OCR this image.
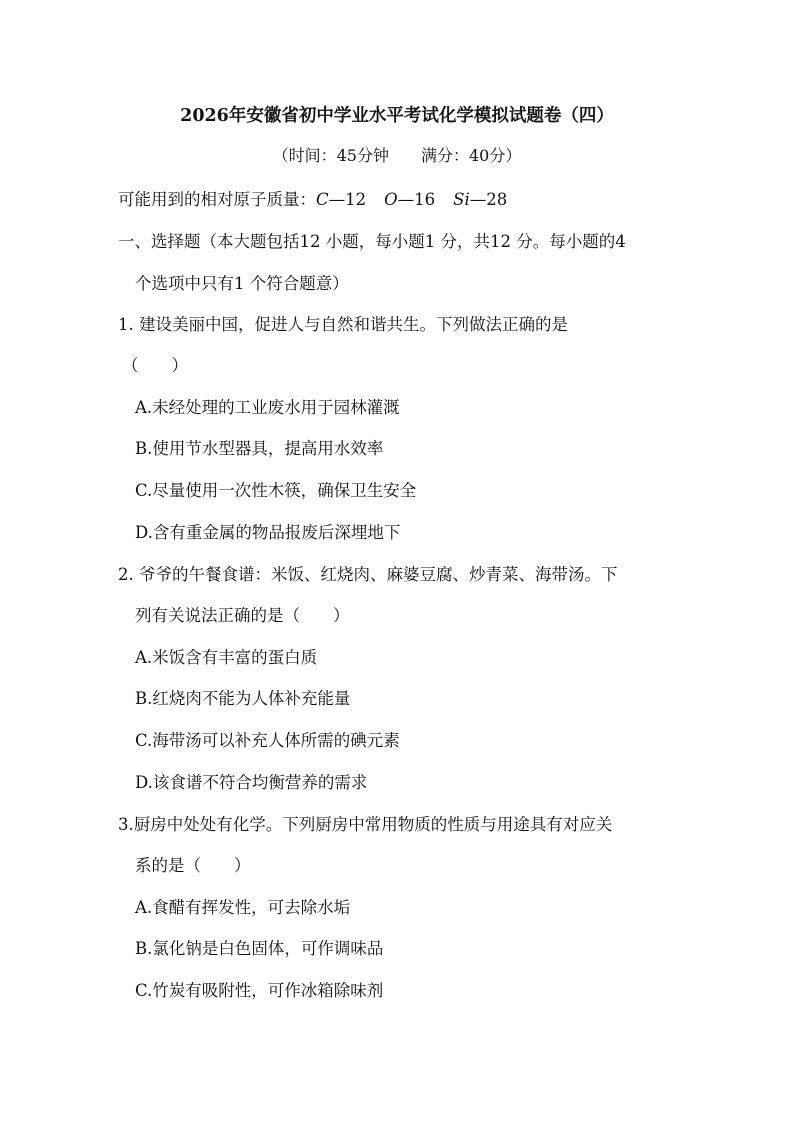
2026年安徽省初中学业水平考试化学模拟试题卷（四）
（时间：45分钟　　满分：40分）
可能用到的相对原子质量：C—12 O—16 Si—28
一、选择题（本大题包括12 小题，每小题1 分，共12 分。每小题的4
个选项中只有1 个符合题意）
1. 建设美丽中国，促进人与自然和谐共生。下列做法正确的是
（　　）
A.未经处理的工业废水用于园林灌溉
B.使用节水型器具，提高用水效率
C.尽量使用一次性木筷，确保卫生安全
D.含有重金属的物品报废后深埋地下
2. 爷爷的午餐食谱：米饭、红烧肉、麻婆豆腐、炒青菜、海带汤。下
列有关说法正确的是（　　）
A.米饭含有丰富的蛋白质
B.红烧肉不能为人体补充能量
C.海带汤可以补充人体所需的碘元素
D.该食谱不符合均衡营养的需求
3.厨房中处处有化学。下列厨房中常用物质的性质与用途具有对应关
系的是（　　）
A.食醋有挥发性，可去除水垢
B.氯化钠是白色固体，可作调味品
C.竹炭有吸附性，可作冰箱除味剂
